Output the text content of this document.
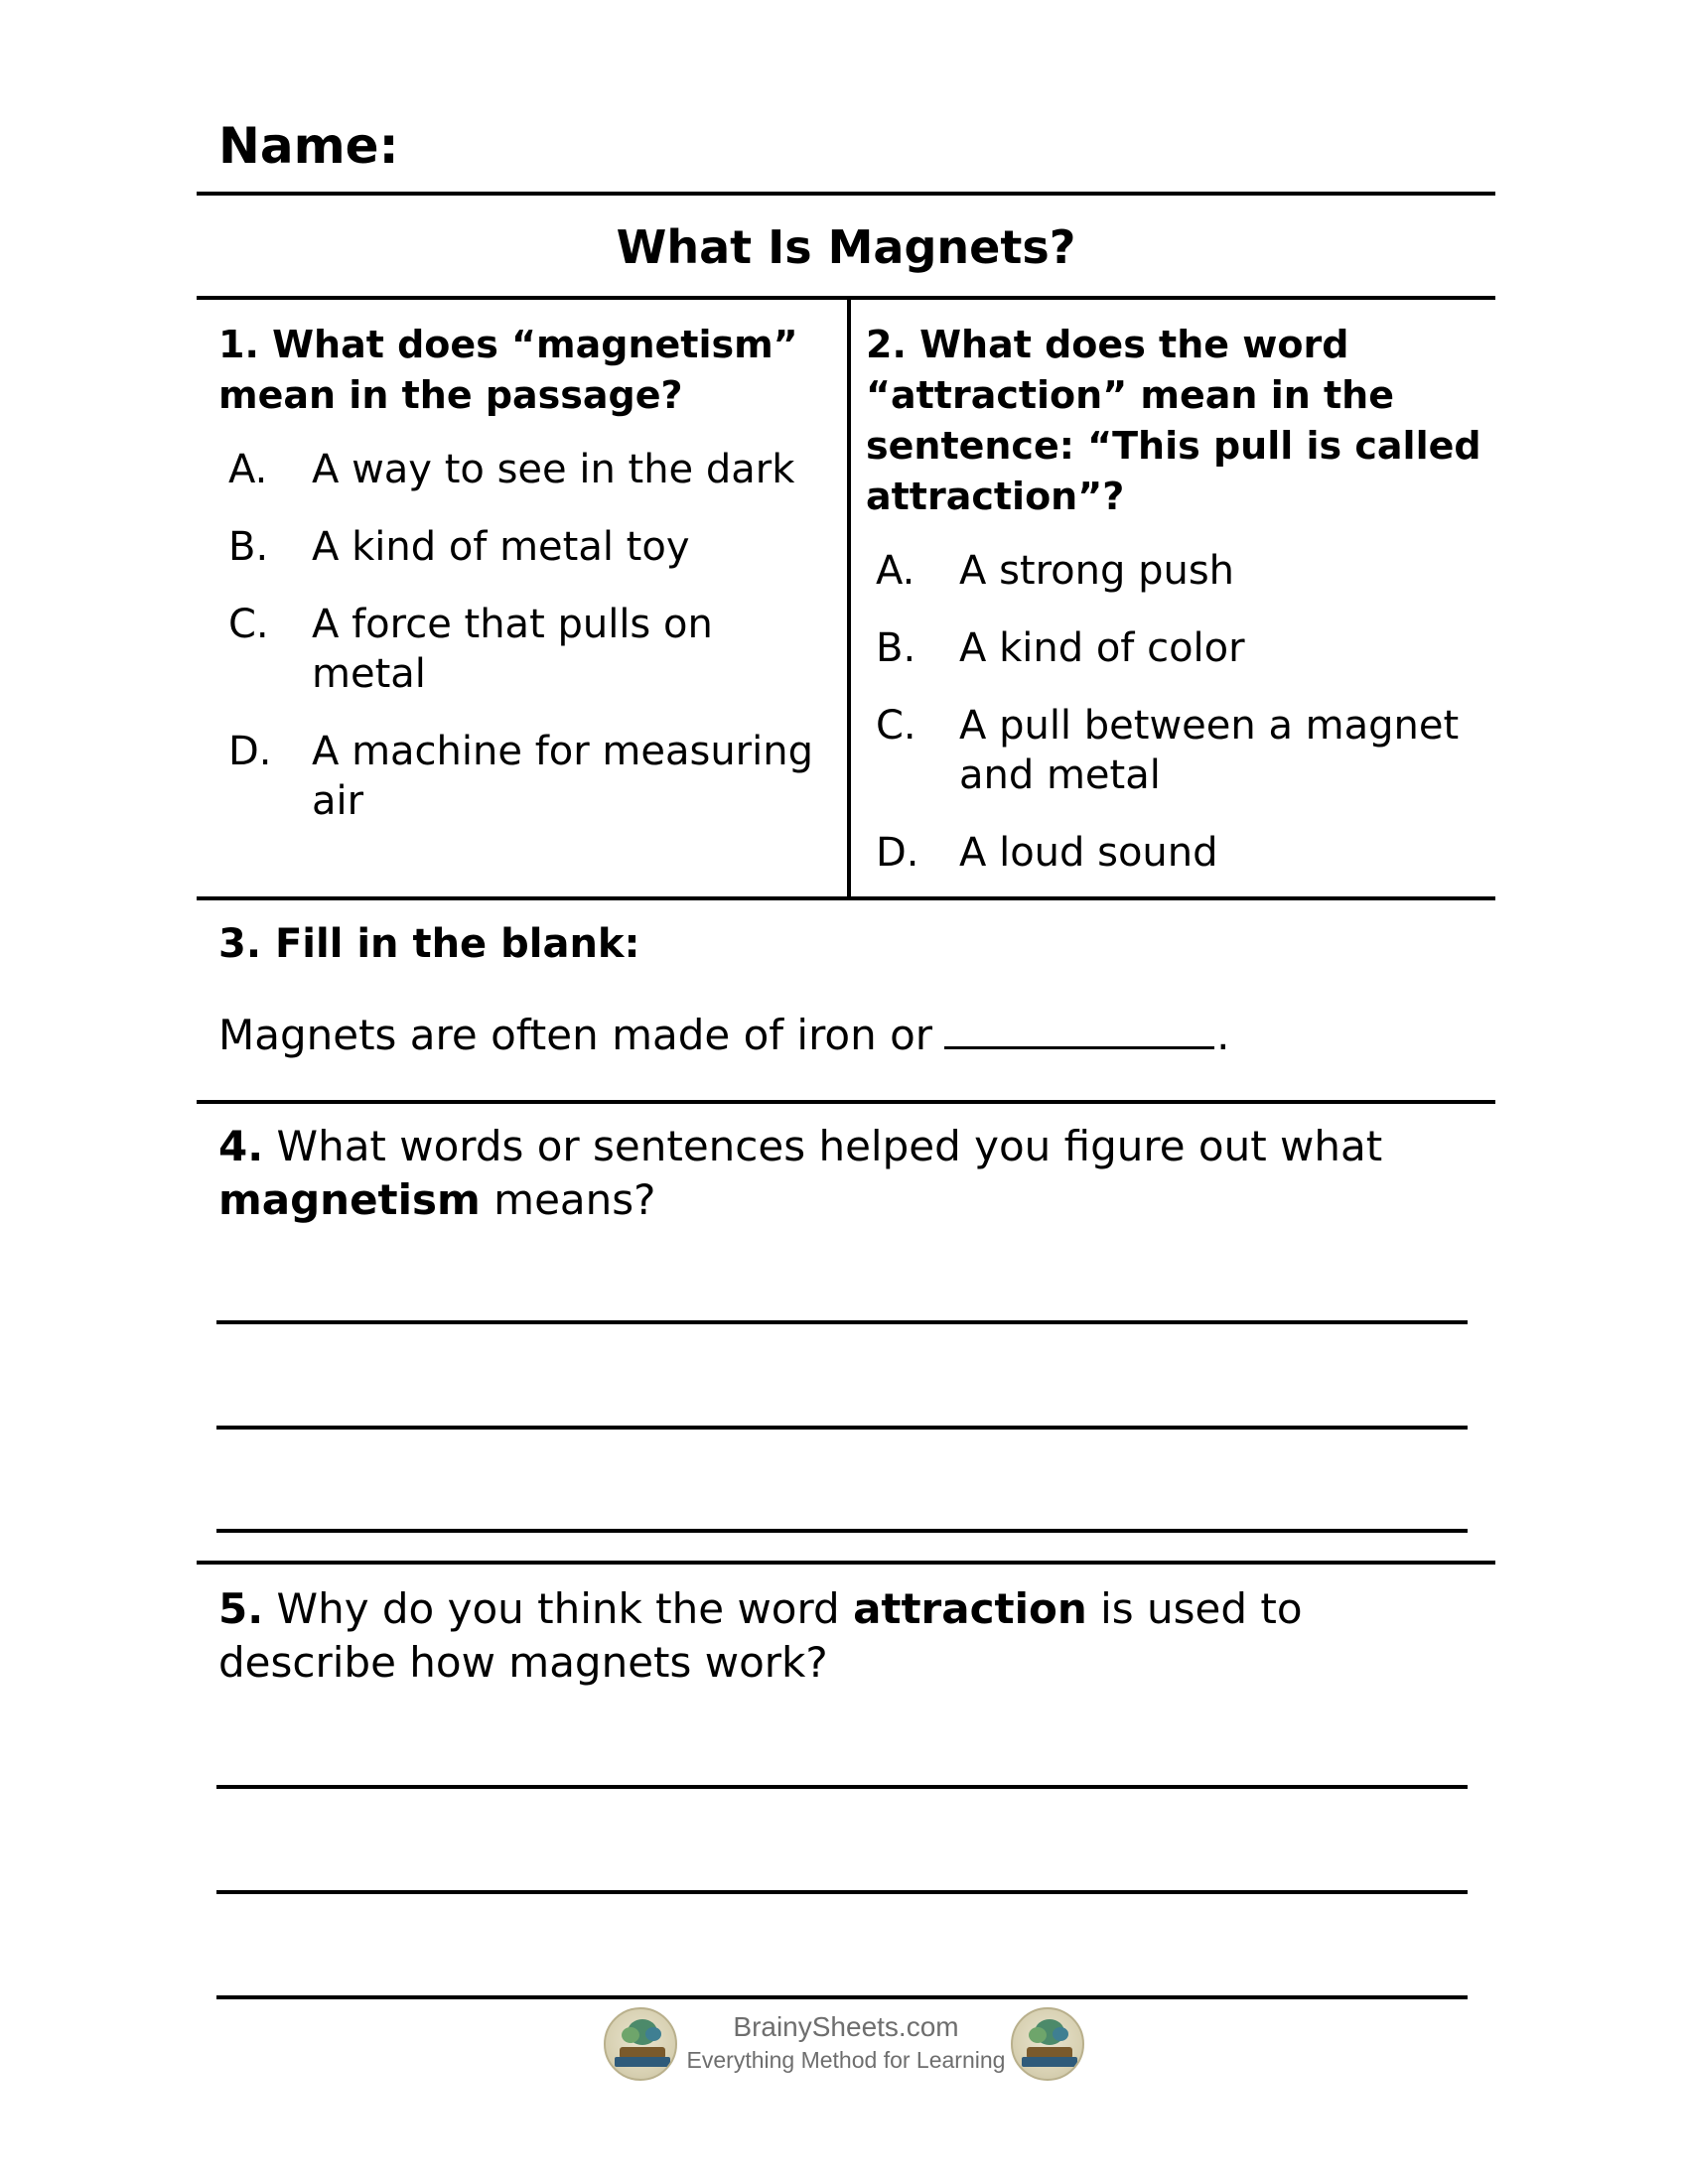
Name:
What Is Magnets?
1. What does “magnetism” mean in the passage?
A.	A way to see in the dark
B.	A kind of metal toy
C.	A force that pulls on metal
D.	A machine for measuring air
2. What does the word “attraction” mean in the sentence: “This pull is called attraction”?
A.	A strong push
B.	A kind of color
C.	A pull between a magnet and metal
D.	A loud sound
3. Fill in the blank:
Magnets are often made of iron or	.
4. What words or sentences helped you figure out what magnetism means?
5. Why do you think the word attraction is used to describe how magnets work?
BrainySheets.com
Everything Method for Learning
